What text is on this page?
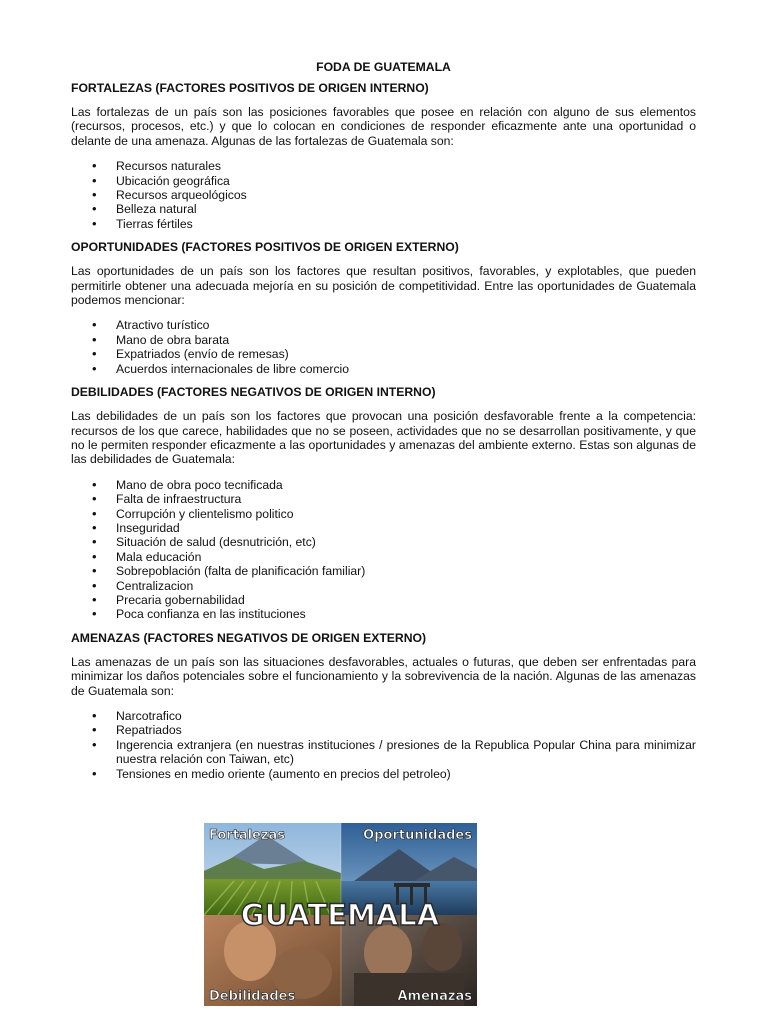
FODA DE GUATEMALA
FORTALEZAS (FACTORES POSITIVOS DE ORIGEN INTERNO)
Las fortalezas de un país son las posiciones favorables que posee en relación con alguno de sus elementos (recursos, procesos, etc.) y que lo colocan en condiciones de responder eficazmente ante una oportunidad o delante de una amenaza. Algunas de las fortalezas de Guatemala son:
• Recursos naturales
• Ubicación geográfica
• Recursos arqueológicos
• Belleza natural
• Tierras fértiles
OPORTUNIDADES (FACTORES POSITIVOS DE ORIGEN EXTERNO)
Las oportunidades de un país son los factores que resultan positivos, favorables, y explotables, que pueden permitirle obtener una adecuada mejoría en su posición de competitividad. Entre las oportunidades de Guatemala podemos mencionar:
• Atractivo turístico
• Mano de obra barata
• Expatriados (envío de remesas)
• Acuerdos internacionales de libre comercio
DEBILIDADES (FACTORES NEGATIVOS DE ORIGEN INTERNO)
Las debilidades de un país son los factores que provocan una posición desfavorable frente a la competencia: recursos de los que carece, habilidades que no se poseen, actividades que no se desarrollan positivamente, y que no le permiten responder eficazmente a las oportunidades y amenazas del ambiente externo. Estas son algunas de las debilidades de Guatemala:
• Mano de obra poco tecnificada
• Falta de infraestructura
• Corrupción y clientelismo politico
• Inseguridad
• Situación de salud (desnutrición, etc)
• Mala educación
• Sobrepoblación (falta de planificación familiar)
• Centralizacion
• Precaria gobernabilidad
• Poca confianza en las instituciones
AMENAZAS (FACTORES NEGATIVOS DE ORIGEN EXTERNO)
Las amenazas de un país son las situaciones desfavorables, actuales o futuras, que deben ser enfrentadas para minimizar los daños potenciales sobre el funcionamiento y la sobrevivencia de la nación. Algunas de las amenazas de Guatemala son:
• Narcotrafico
• Repatriados
• Ingerencia extranjera (en nuestras instituciones / presiones de la Republica Popular China para minimizar nuestra relación con Taiwan, etc)
• Tensiones en medio oriente (aumento en precios del petroleo)
Fortalezas	Oportunidades
GUATEMALA
Debilidades	Amenazas
